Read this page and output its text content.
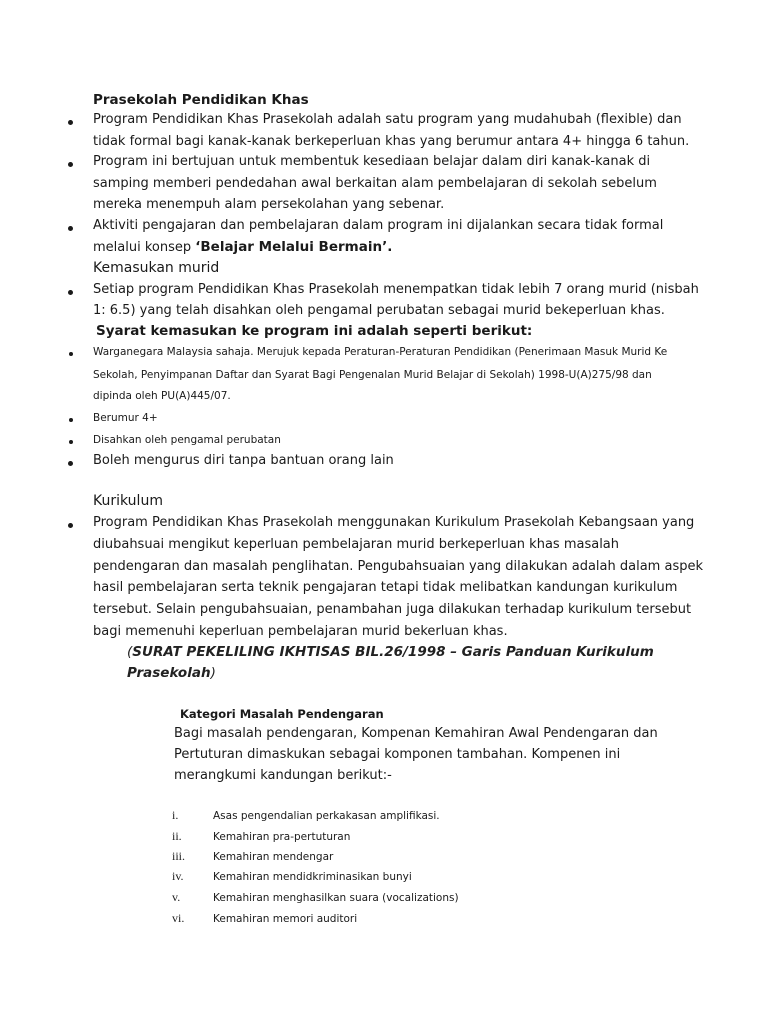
Prasekolah Pendidikan Khas
Program Pendidikan Khas Prasekolah adalah satu program yang mudahubah (flexible) dan
tidak formal bagi kanak-kanak berkeperluan khas yang berumur antara 4+ hingga 6 tahun.
Program ini bertujuan untuk membentuk kesediaan belajar dalam diri kanak-kanak di
samping memberi pendedahan awal berkaitan alam pembelajaran di sekolah sebelum
mereka menempuh alam persekolahan yang sebenar.
Aktiviti pengajaran dan pembelajaran dalam program ini dijalankan secara tidak formal
melalui konsep ‘Belajar Melalui Bermain’.
Kemasukan murid
Setiap program Pendidikan Khas Prasekolah menempatkan tidak lebih 7 orang murid (nisbah
1: 6.5) yang telah disahkan oleh pengamal perubatan sebagai murid bekeperluan khas.
Syarat kemasukan ke program ini adalah seperti berikut:
Warganegara Malaysia sahaja. Merujuk kepada Peraturan-Peraturan Pendidikan (Penerimaan Masuk Murid Ke
Sekolah, Penyimpanan Daftar dan Syarat Bagi Pengenalan Murid Belajar di Sekolah) 1998-U(A)275/98 dan
dipinda oleh PU(A)445/07.
Berumur 4+
Disahkan oleh pengamal perubatan
Boleh mengurus diri tanpa bantuan orang lain
Kurikulum
Program Pendidikan Khas Prasekolah menggunakan Kurikulum Prasekolah Kebangsaan yang
diubahsuai mengikut keperluan pembelajaran murid berkeperluan khas masalah
pendengaran dan masalah penglihatan. Pengubahsuaian yang dilakukan adalah dalam aspek
hasil pembelajaran serta teknik pengajaran tetapi tidak melibatkan kandungan kurikulum
tersebut. Selain pengubahsuaian, penambahan juga dilakukan terhadap kurikulum tersebut
bagi memenuhi keperluan pembelajaran murid bekerluan khas.
(SURAT PEKELILING IKHTISAS BIL.26/1998 – Garis Panduan Kurikulum
Prasekolah)
Kategori Masalah Pendengaran
Bagi masalah pendengaran, Kompenan Kemahiran Awal Pendengaran dan
Pertuturan dimaskukan sebagai komponen tambahan. Kompenen ini
merangkumi kandungan berikut:-
i.	Asas pengendalian perkakasan amplifikasi.
ii.	Kemahiran pra-pertuturan
iii.	Kemahiran mendengar
iv.	Kemahiran mendidkriminasikan bunyi
v.	Kemahiran menghasilkan suara (vocalizations)
vi.	Kemahiran memori auditori
